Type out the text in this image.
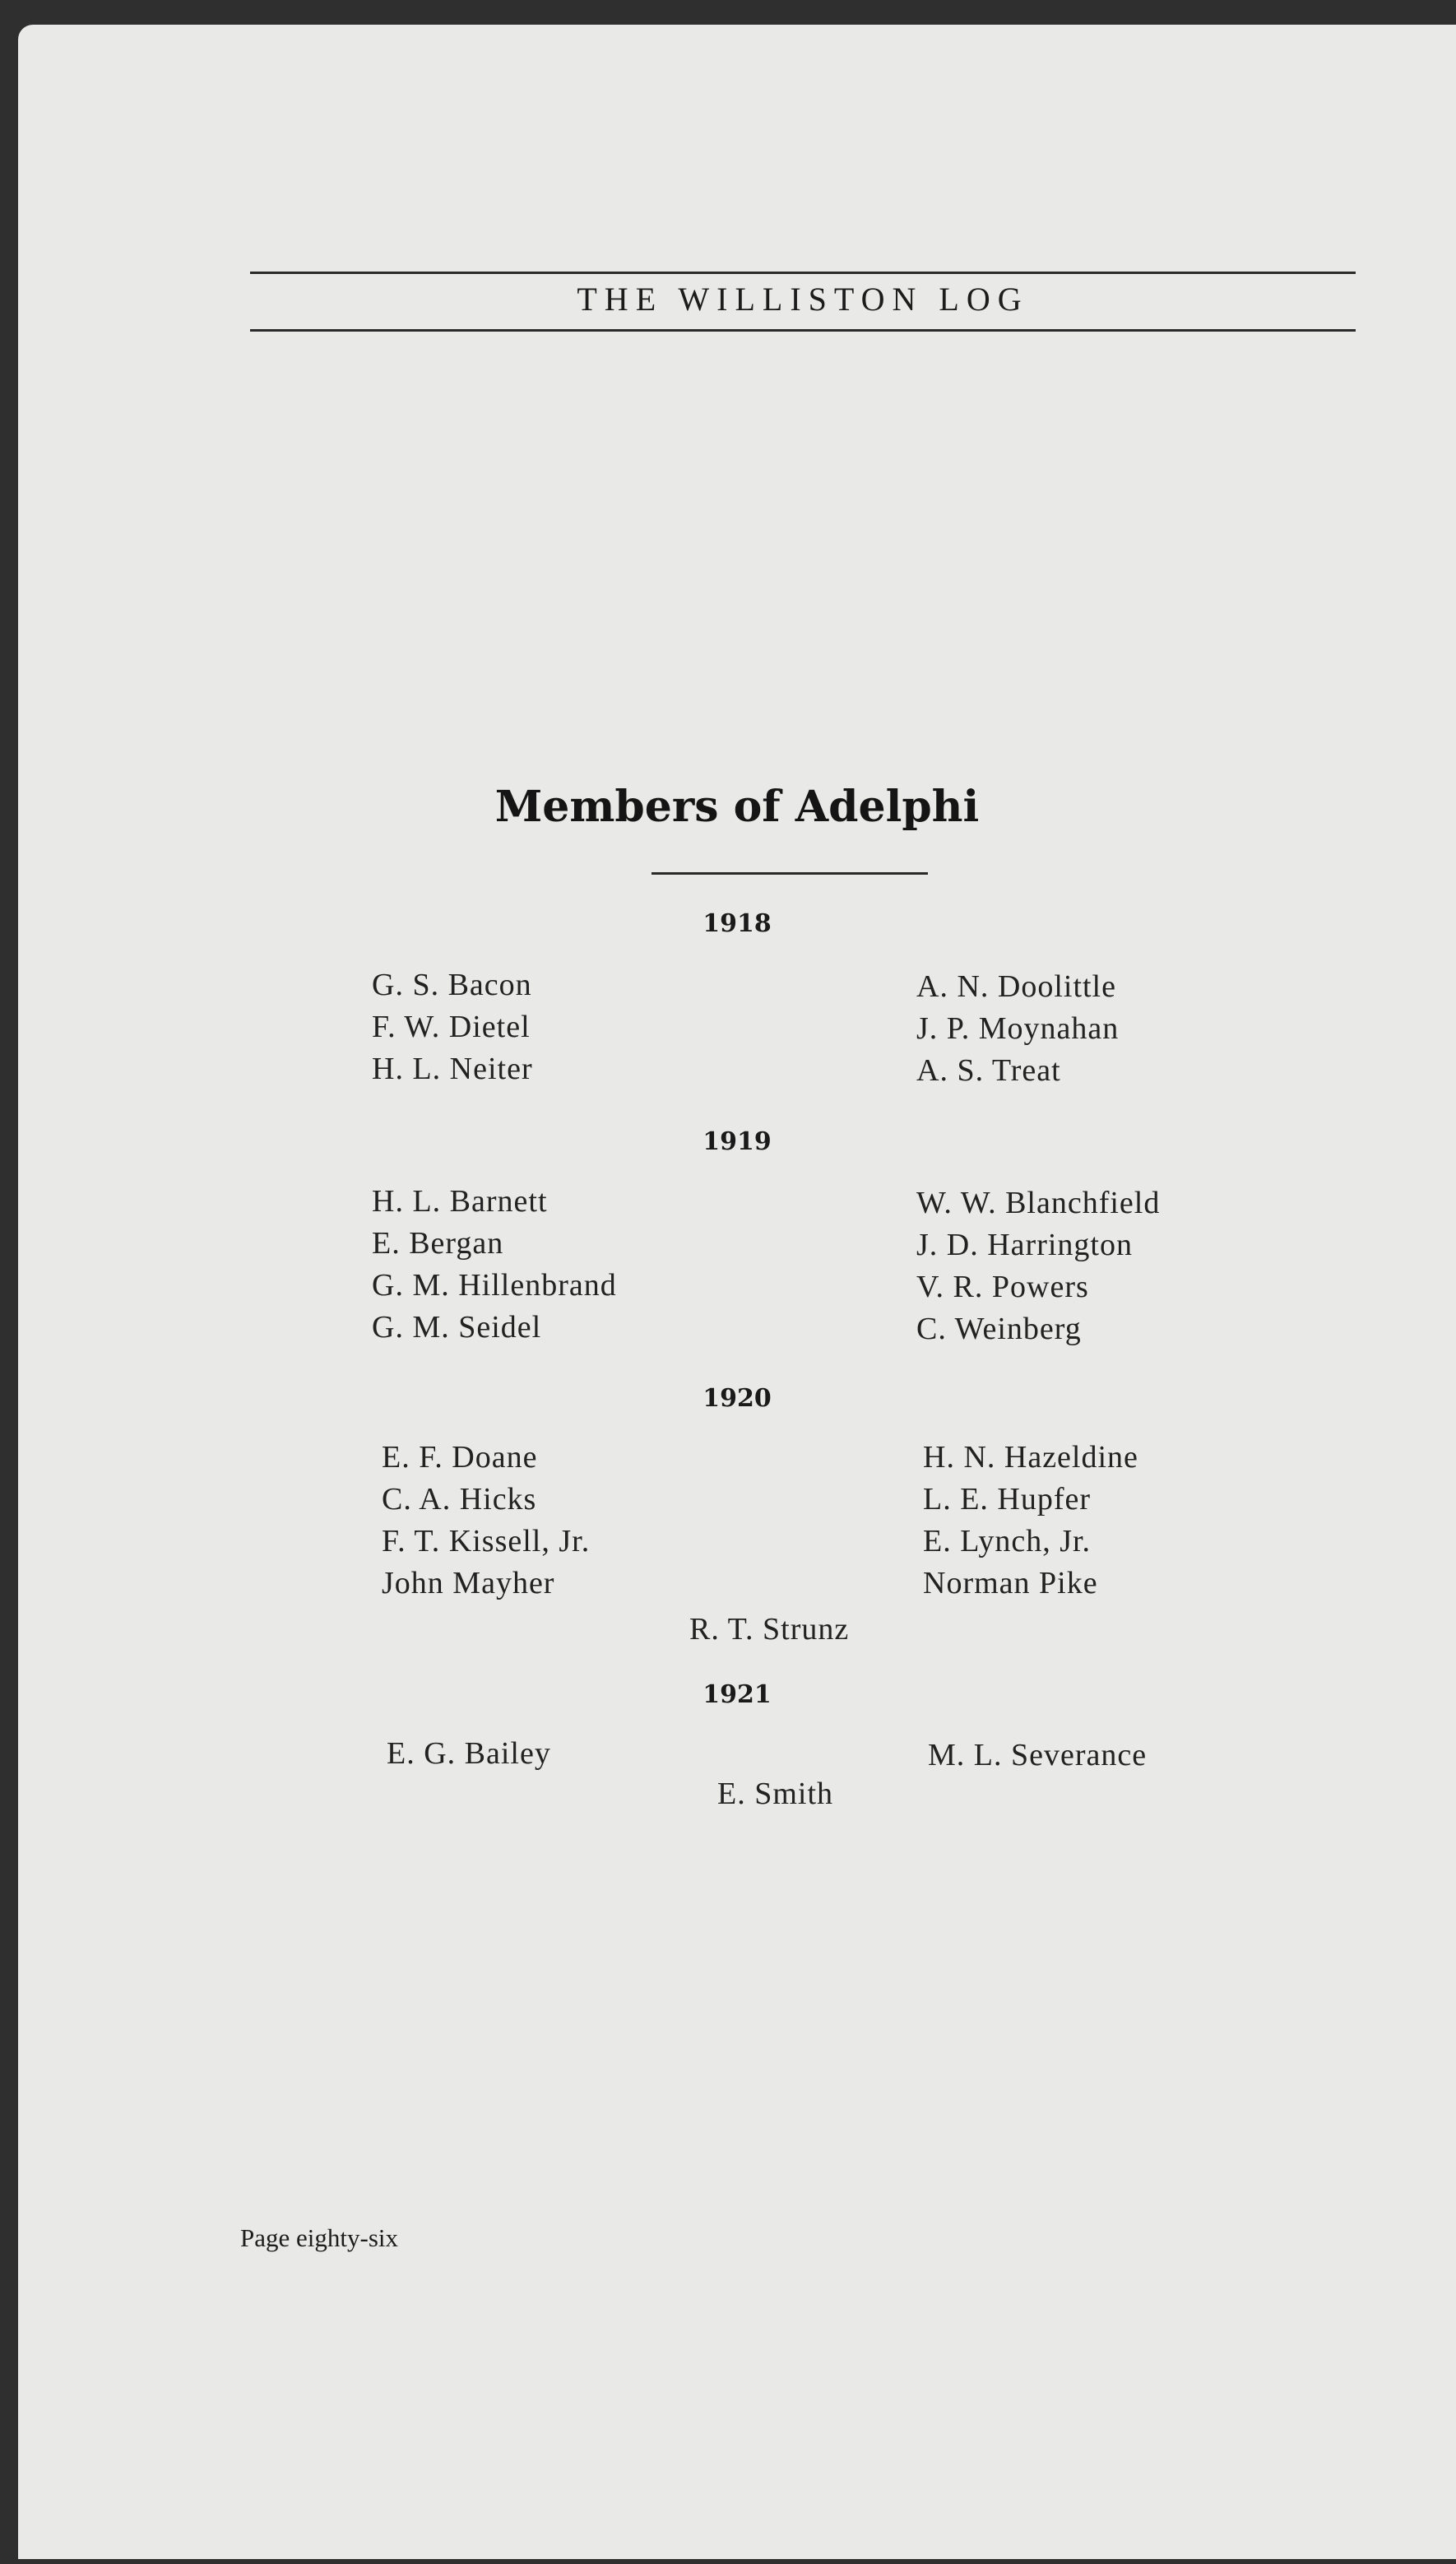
THE WILLISTON LOG
Members of Adelphi
1918
G. S. Bacon
F. W. Dietel
H. L. Neiter
A. N. Doolittle
J. P. Moynahan
A. S. Treat
1919
H. L. Barnett
E. Bergan
G. M. Hillenbrand
G. M. Seidel
W. W. Blanchfield
J. D. Harrington
V. R. Powers
C. Weinberg
1920
E. F. Doane
C. A. Hicks
F. T. Kissell, Jr.
John Mayher
H. N. Hazeldine
L. E. Hupfer
E. Lynch, Jr.
Norman Pike
R. T. Strunz
1921
E. G. Bailey	M. L. Severance
E. Smith
Page eighty-six
